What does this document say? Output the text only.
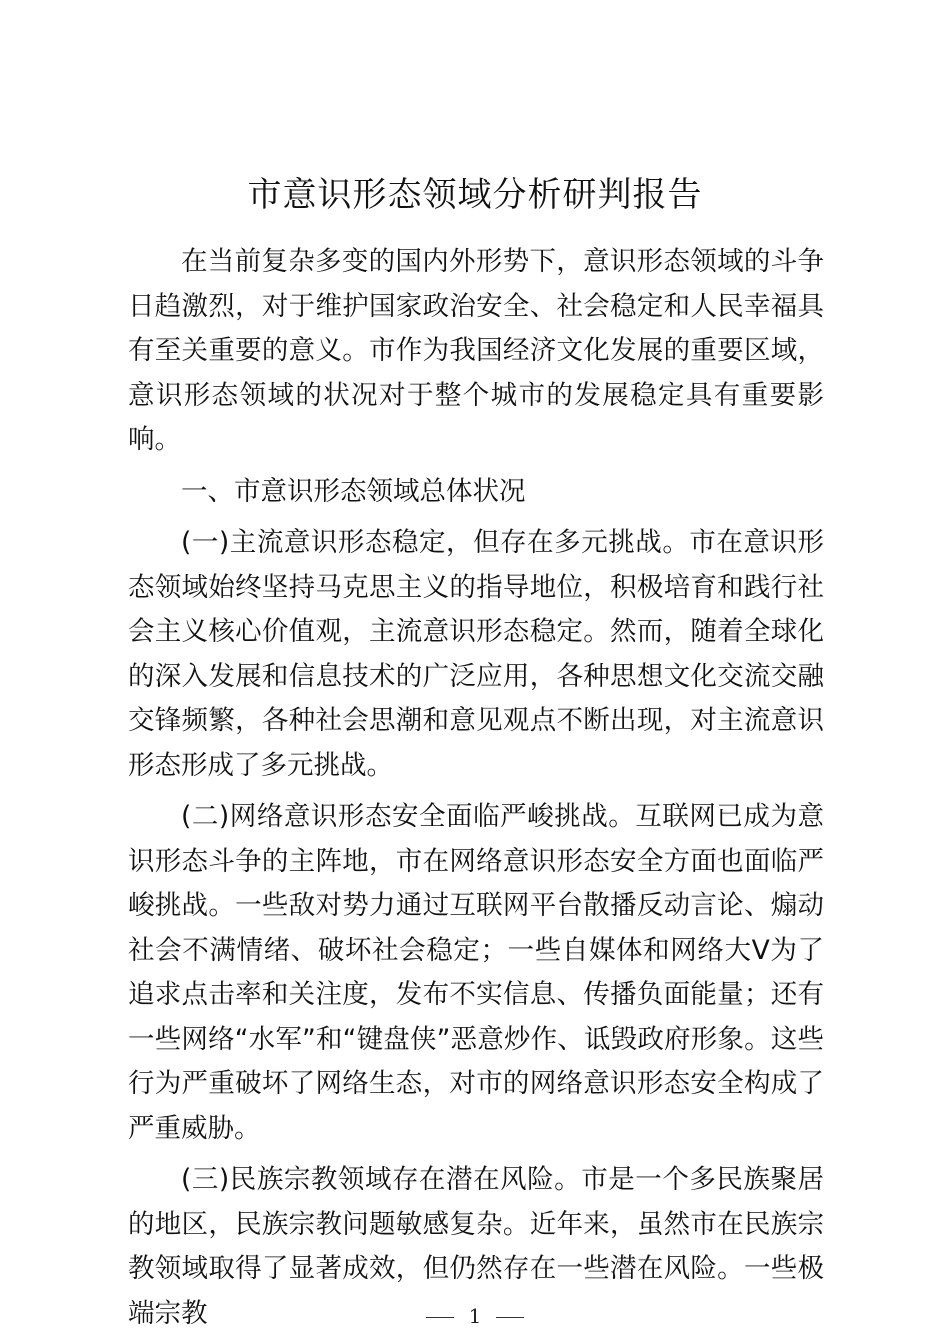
市意识形态领域分析研判报告

在当前复杂多变的国内外形势下，意识形态领域的斗争日趋激烈，对于维护国家政治安全、社会稳定和人民幸福具有至关重要的意义。市作为我国经济文化发展的重要区域，意识形态领域的状况对于整个城市的发展稳定具有重要影响。

一、市意识形态领域总体状况

(一)主流意识形态稳定，但存在多元挑战。市在意识形态领域始终坚持马克思主义的指导地位，积极培育和践行社会主义核心价值观，主流意识形态稳定。然而，随着全球化的深入发展和信息技术的广泛应用，各种思想文化交流交融交锋频繁，各种社会思潮和意见观点不断出现，对主流意识形态形成了多元挑战。

(二)网络意识形态安全面临严峻挑战。互联网已成为意识形态斗争的主阵地，市在网络意识形态安全方面也面临严峻挑战。一些敌对势力通过互联网平台散播反动言论、煽动社会不满情绪、破坏社会稳定；一些自媒体和网络大V为了追求点击率和关注度，发布不实信息、传播负面能量；还有一些网络“水军”和“键盘侠”恶意炒作、诋毁政府形象。这些行为严重破坏了网络生态，对市的网络意识形态安全构成了严重威胁。

(三)民族宗教领域存在潜在风险。市是一个多民族聚居的地区，民族宗教问题敏感复杂。近年来，虽然市在民族宗教领域取得了显著成效，但仍然存在一些潜在风险。一些极端宗教	1
